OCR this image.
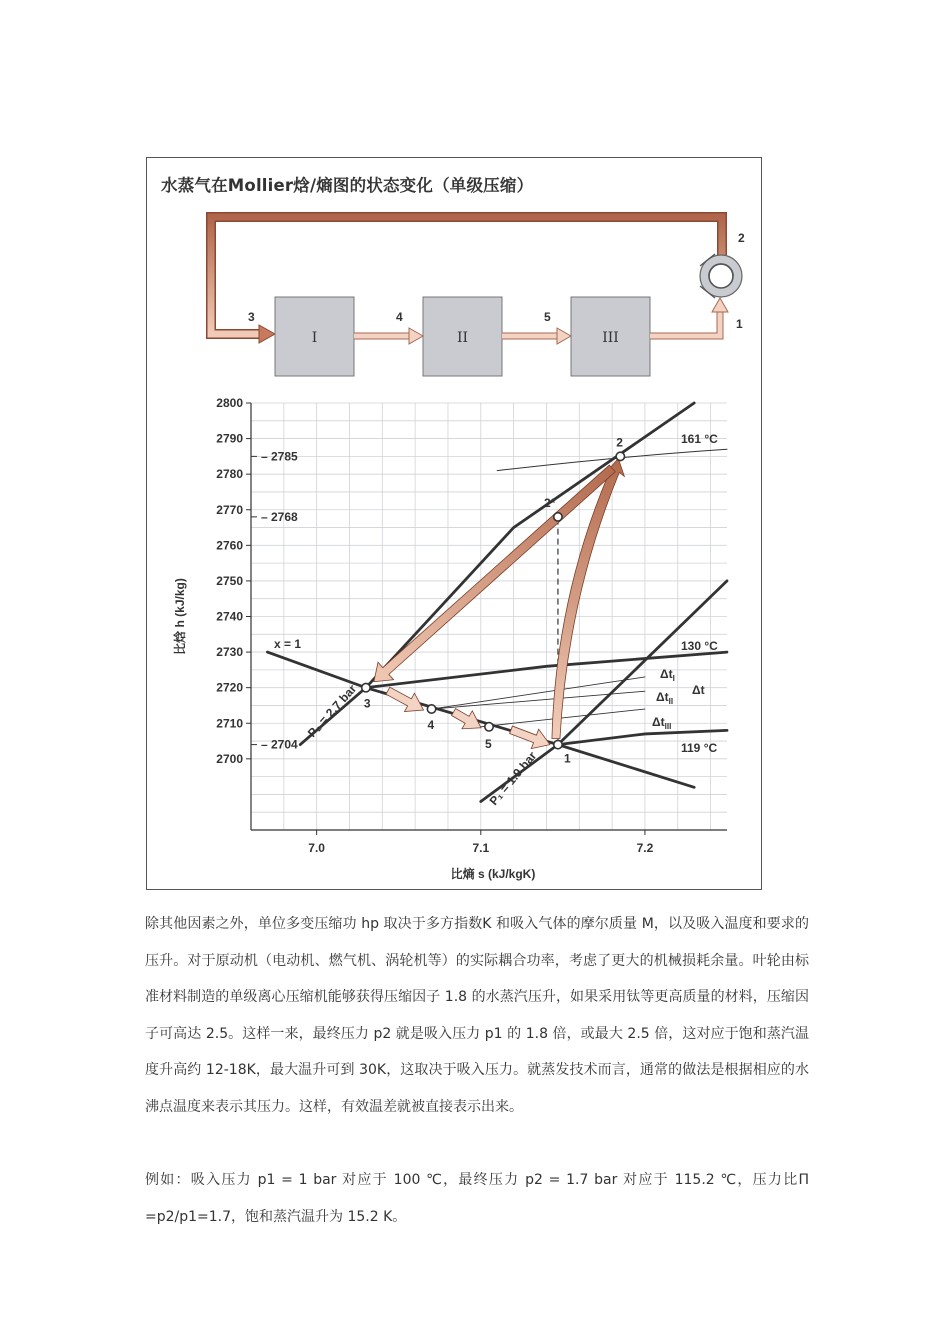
水蒸气在Mollier焓/熵图的状态变化（单级压缩）
I	II	III
3	4	5
2
1
2700
2710
2720
2730
2740
2750
2760
2770
2780
2790
2800
– 2785
– 2768
– 2704
7.0	7.1	7.2
比熵 s (kJ/kgK)
比焓 h (kJ/kg)
1
2
2*
3
4
5
x = 1
P₂ = 2.7 bar
P₁ = 1.9 bar
161 °C
130 °C
119 °C
Δt
$\Delta t_I$
$\Delta t_{II}$
$\Delta t_{III}$

除其他因素之外，单位多变压缩功 hp 取决于多方指数K 和吸入气体的摩尔质量 M，以及吸入温度和要求的压升。对于原动机（电动机、燃气机、涡轮机等）的实际耦合功率，考虑了更大的机械损耗余量。叶轮由标准材料制造的单级离心压缩机能够获得压缩因子 1.8 的水蒸汽压升，如果采用钛等更高质量的材料，压缩因子可高达 2.5。这样一来，最终压力 p2 就是吸入压力 p1 的 1.8 倍，或最大 2.5 倍，这对应于饱和蒸汽温度升高约 12-18K，最大温升可到 30K，这取决于吸入压力。就蒸发技术而言，通常的做法是根据相应的水沸点温度来表示其压力。这样，有效温差就被直接表示出来。

例如：吸入压力 p1 = 1 bar 对应于 100 ℃，最终压力 p2 = 1.7 bar 对应于 115.2 ℃，压力比Π =p2/p1=1.7，饱和蒸汽温升为 15.2 K。
